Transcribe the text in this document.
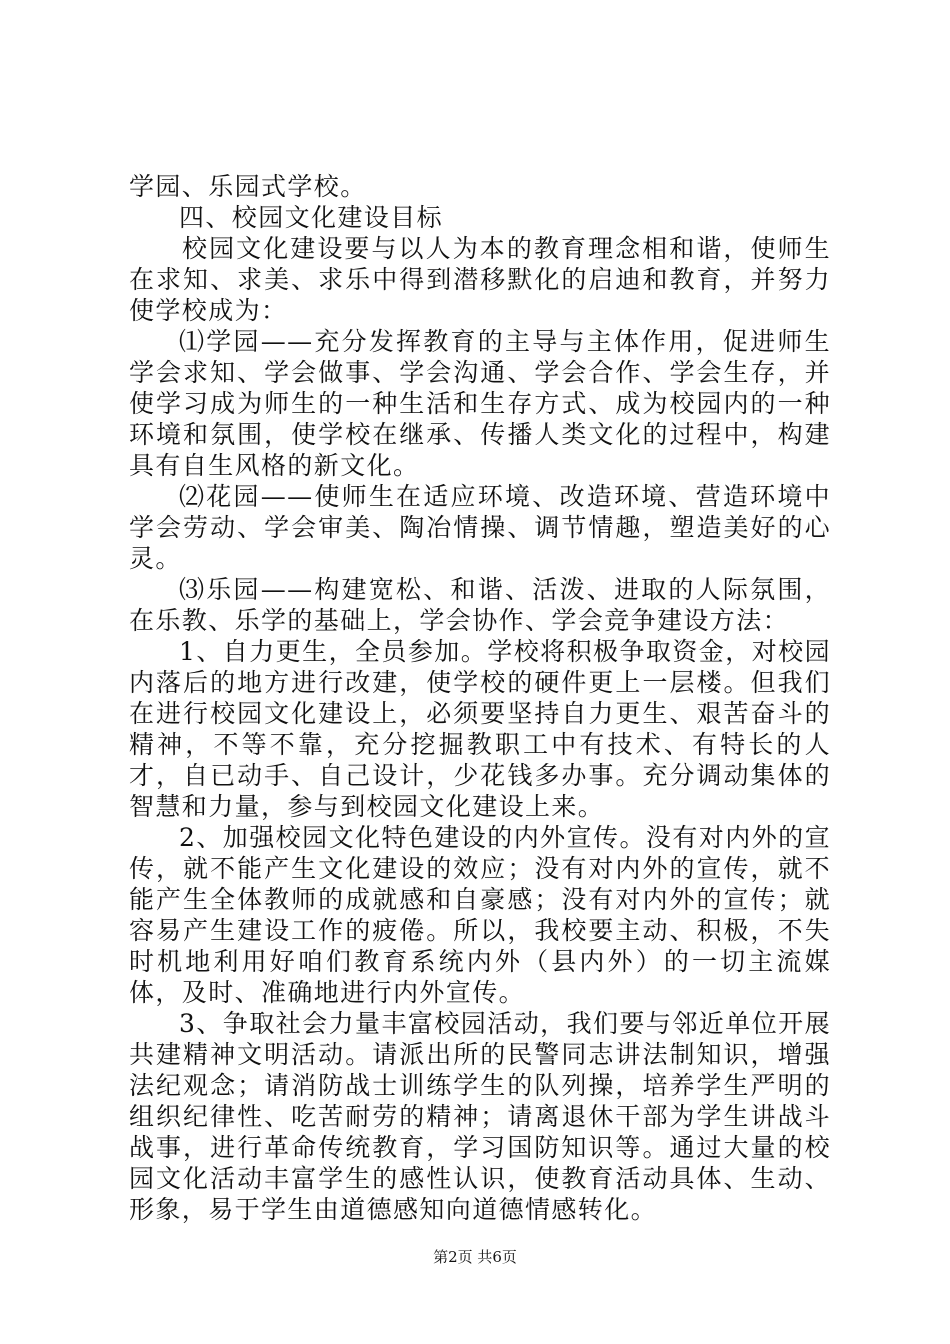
学园、乐园式学校。

四、校园文化建设目标

校园文化建设要与以人为本的教育理念相和谐，使师生在求知、求美、求乐中得到潜移默化的启迪和教育，并努力使学校成为：

⑴学园——充分发挥教育的主导与主体作用，促进师生学会求知、学会做事、学会沟通、学会合作、学会生存，并使学习成为师生的一种生活和生存方式、成为校园内的一种环境和氛围，使学校在继承、传播人类文化的过程中，构建具有自生风格的新文化。

⑵花园——使师生在适应环境、改造环境、营造环境中学会劳动、学会审美、陶冶情操、调节情趣，塑造美好的心灵。

⑶乐园——构建宽松、和谐、活泼、进取的人际氛围，在乐教、乐学的基础上，学会协作、学会竞争建设方法：

1、自力更生，全员参加。学校将积极争取资金，对校园内落后的地方进行改建，使学校的硬件更上一层楼。但我们在进行校园文化建设上，必须要坚持自力更生、艰苦奋斗的精神，不等不靠，充分挖掘教职工中有技术、有特长的人才，自已动手、自己设计，少花钱多办事。充分调动集体的智慧和力量，参与到校园文化建设上来。

2、加强校园文化特色建设的内外宣传。没有对内外的宣传，就不能产生文化建设的效应；没有对内外的宣传，就不能产生全体教师的成就感和自豪感；没有对内外的宣传；就容易产生建设工作的疲倦。所以，我校要主动、积极，不失时机地利用好咱们教育系统内外（县内外）的一切主流媒体，及时、准确地进行内外宣传。

3、争取社会力量丰富校园活动，我们要与邻近单位开展共建精神文明活动。请派出所的民警同志讲法制知识，增强法纪观念；请消防战士训练学生的队列操，培养学生严明的组织纪律性、吃苦耐劳的精神；请离退休干部为学生讲战斗战事，进行革命传统教育，学习国防知识等。通过大量的校园文化活动丰富学生的感性认识，使教育活动具体、生动、形象，易于学生由道德感知向道德情感转化。

第2页 共6页
